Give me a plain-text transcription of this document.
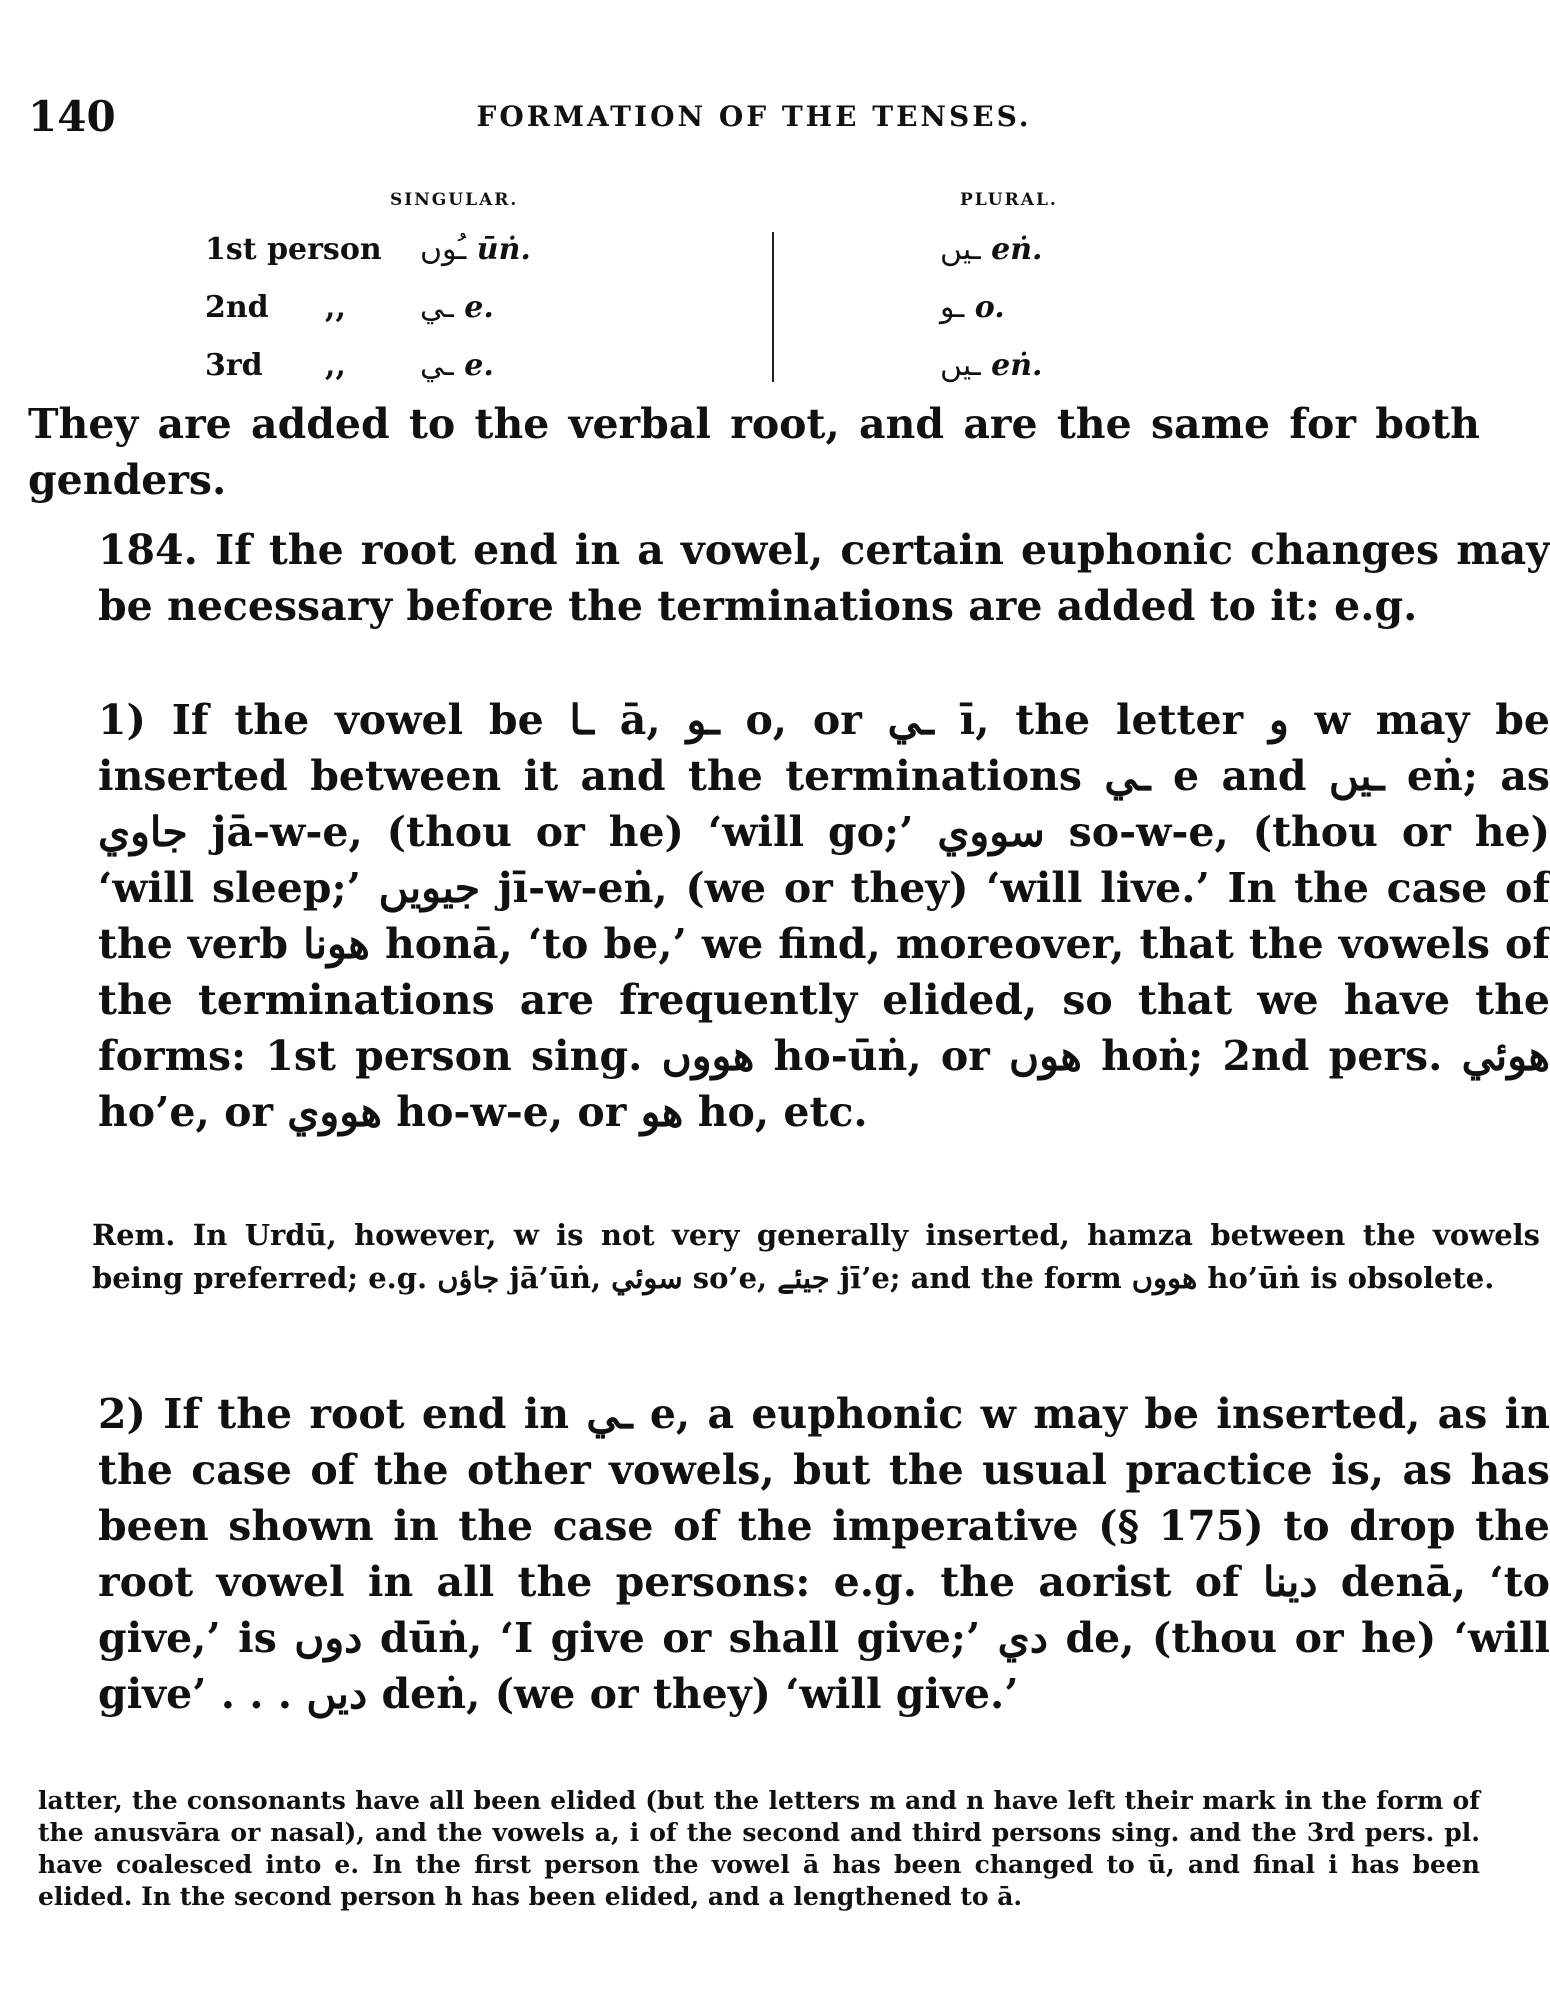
140	FORMATION OF THE TENSES.
SINGULAR.	PLURAL.
1st person ـُوں ūṅ.	ـیں eṅ.
2nd ,, ـي e.	ـو o.
3rd ,, ـي e.	ـیں eṅ.

They are added to the verbal root, and are the same for both genders.

184. If the root end in a vowel, certain euphonic changes may be necessary before the terminations are added to it: e.g.

1) If the vowel be ـا ā, ـو o, or ـي ī, the letter و w may be inserted between it and the terminations ـي e and ـیں eṅ; as جاوي jā-w-e, (thou or he) ‘will go;’ سووي so-w-e, (thou or he) ‘will sleep;’ جيويں jī-w-eṅ, (we or they) ‘will live.’ In the case of the verb هونا honā, ‘to be,’ we find, moreover, that the vowels of the terminations are frequently elided, so that we have the forms: 1st person sing. هووں ho-ūṅ, or هوں hoṅ; 2nd pers. هوئي ho’e, or هووي ho-w-e, or هو ho, etc.

Rem. In Urdū, however, w is not very generally inserted, hamza between the vowels being preferred; e.g. جاؤں jā’ūṅ, سوئي so’e, جيئے jī’e; and the form هووں ho’ūṅ is obsolete.

2) If the root end in ـي e, a euphonic w may be inserted, as in the case of the other vowels, but the usual practice is, as has been shown in the case of the imperative (§ 175) to drop the root vowel in all the persons: e.g. the aorist of دينا denā, ‘to give,’ is دوں dūṅ, ‘I give or shall give;’ دي de, (thou or he) ‘will give’ . . . ديں deṅ, (we or they) ‘will give.’

latter, the consonants have all been elided (but the letters m and n have left their mark in the form of the anusvāra or nasal), and the vowels a, i of the second and third persons sing. and the 3rd pers. pl. have coalesced into e. In the first person the vowel ā has been changed to ū, and final i has been elided. In the second person h has been elided, and a lengthened to ā.
